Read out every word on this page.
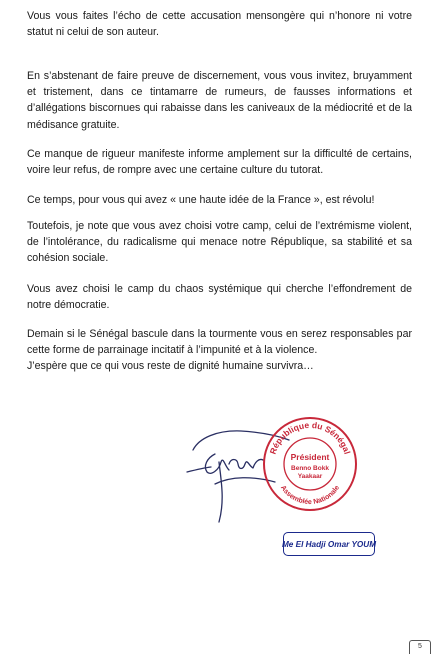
Vous vous faites l’écho de cette accusation mensongère qui n’honore ni votre statut ni celui de son auteur.

En s’abstenant de faire preuve de discernement, vous vous invitez, bruyamment et tristement, dans ce tintamarre de rumeurs, de fausses informations et d’allégations biscornues qui rabaisse dans les caniveaux de la médiocrité et de la médisance gratuite.

Ce manque de rigueur manifeste informe amplement sur la difficulté de certains, voire leur refus, de rompre avec une certaine culture du tutorat.

Ce temps, pour vous qui avez « une haute idée de la France », est révolu!

Toutefois, je note que vous avez choisi votre camp, celui de l’extrémisme violent, de l’intolérance, du radicalisme qui menace notre République, sa stabilité et sa cohésion sociale.

Vous avez choisi le camp du chaos systémique qui cherche l’effondrement de notre démocratie.

Demain si le Sénégal bascule dans la tourmente vous en serez responsables par cette forme de parrainage incitatif à l’impunité et à la violence.

J’espère que ce qui vous reste de dignité humaine survivra…

République du Sénégal
Assemblée Nationale
Président
Benno Bokk
Yaakaar
Me El Hadji Omar YOUM
5
